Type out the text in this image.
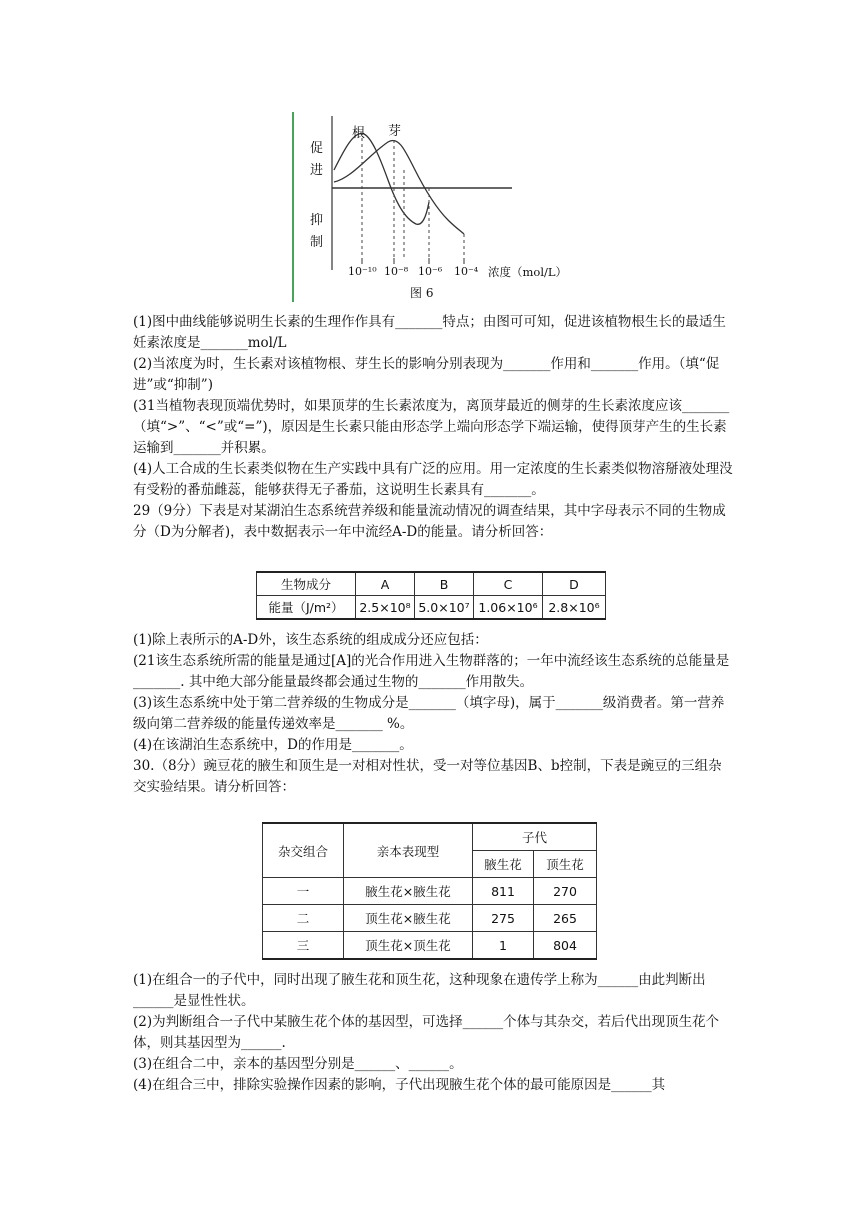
促
进
抑
制
根 芽
10⁻¹⁰ 10⁻⁸ 10⁻⁶ 10⁻⁴ 浓度（mol/L）
图 6

(1)图中曲线能够说明生长素的生理作作具有_______特点；由图可可知，促进该植物根生长的最适生妊素浓度是_______mol/L

(2)当浓度为时，生长素对该植物根、芽生长的影响分别表现为_______作用和_______作用。（填“促进”或“抑制”)

(31当植物表现顶端优势时，如果顶芽的生长素浓度为，离顶芽最近的侧芽的生长素浓度应该_______（填“>”、“<”或“=”)，原因是生长素只能由形态学上端向形态学下端运输，使得顶芽产生的生长素运输到_______并积累。

(4)人工合成的生长素类似物在生产实践中具有广泛的应用。用一定浓度的生长素类似物溶掰液处理没有受粉的番茄雌蕊，能够获得无子番茄，这说明生长素具有_______。

29（9分）下表是对某湖泊生态系统营养级和能量流动情况的调查结果，其中字母表示不同的生物成分（D为分解者)，表中数据表示一年中流经A-D的能量。请分析回答：

生物成分	A	B	C	D
能量（J/m²）	2.5×10⁸	5.0×10⁷	1.06×10⁶	2.8×10⁶

(1)除上表所示的A-D外，该生态系统的组成成分还应包括：

(21该生态系统所需的能量是通过[A]的光合作用进入生物群落的；一年中流经该生态系统的总能量是_______. 其中绝大部分能量最终都会通过生物的_______作用散失。

(3)该生态系统中处于第二营养级的生物成分是_______（填字母)，属于_______级消费者。第一营养级向第二营养级的能量传递效率是_______ %。

(4)在该湖泊生态系统中，D的作用是_______。

30.（8分）豌豆花的腋生和顶生是一对相对性状，受一对等位基因B、b控制，下表是豌豆的三组杂交实验结果。请分析回答：

杂交组合	亲本表现型	子代	
		腋生花	顶生花
一	腋生花×腋生花	811	270
二	顶生花×腋生花	275	265
三	顶生花×顶生花	1	804

(1)在组合一的子代中，同时出现了腋生花和顶生花，这种现象在遗传学上称为______由此判断出______是显性性状。

(2)为判断组合一子代中某腋生花个体的基因型，可选择______个体与其杂交，若后代出现顶生花个体，则其基因型为______.

(3)在组合二中，亲本的基因型分别是______、______。

(4)在组合三中，排除实验操作因素的影响，子代出现腋生花个体的最可能原因是______其
